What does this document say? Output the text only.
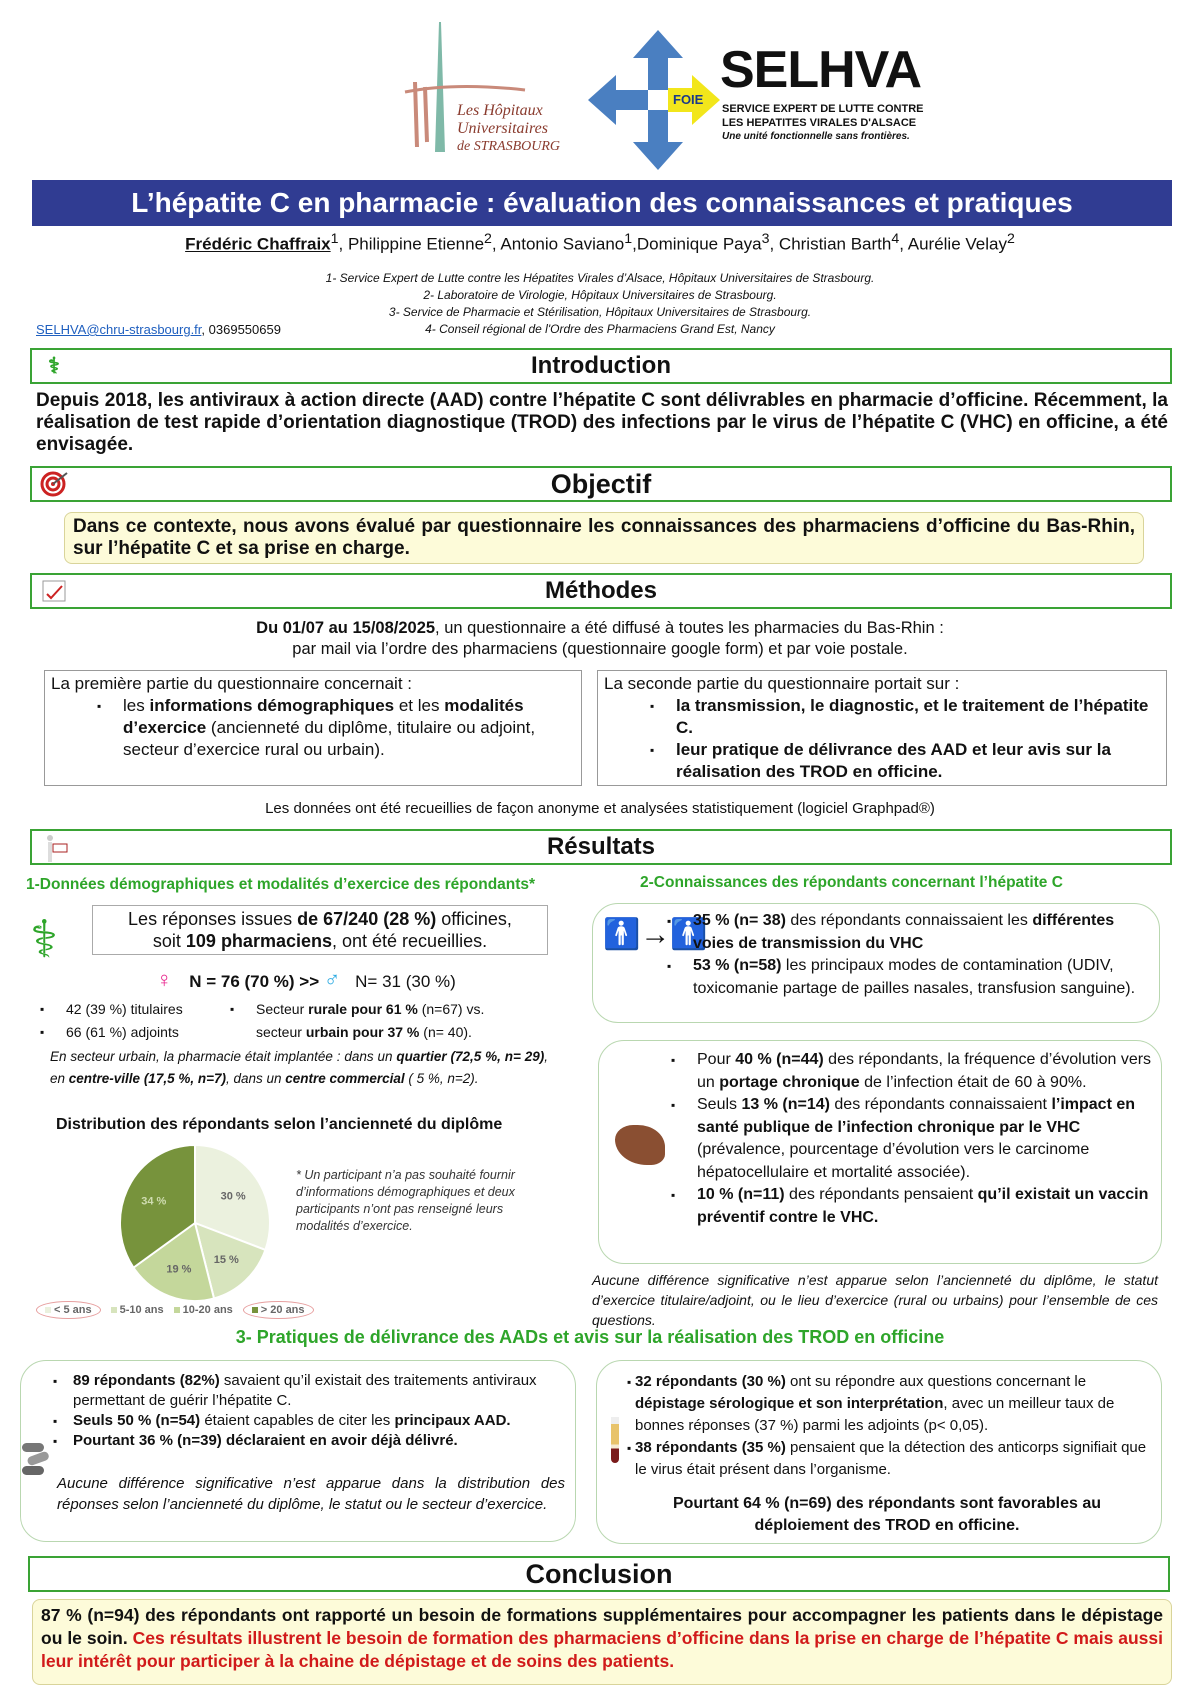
Les Hôpitaux
Universitaires
de STRASBOURG
FOIE
SELHVA
SERVICE EXPERT DE LUTTE CONTRE
LES HEPATITES VIRALES D'ALSACE
Une unité fonctionnelle sans frontières.
L’hépatite C en pharmacie : évaluation des connaissances et pratiques
Frédéric Chaffraix$^1$, Philippine Etienne$^2$, Antonio Saviano$^1$,Dominique Paya$^3$, Christian Barth$^4$, Aurélie Velay$^2$
1- Service Expert de Lutte contre les Hépatites Virales d’Alsace, Hôpitaux Universitaires de Strasbourg.
2- Laboratoire de Virologie, Hôpitaux Universitaires de Strasbourg.
3- Service de Pharmacie et Stérilisation, Hôpitaux Universitaires de Strasbourg.
4- Conseil régional de l'Ordre des Pharmaciens Grand Est, Nancy
SELHVA@chru-strasbourg.fr, 0369550659
⚕	Introduction
Depuis 2018, les antiviraux à action directe (AAD) contre l’hépatite C sont délivrables en pharmacie d’officine. Récemment, la réalisation de test rapide d’orientation diagnostique (TROD) des infections par le virus de l’hépatite C (VHC) en officine, a été envisagée.
Objectif
Dans ce contexte, nous avons évalué par questionnaire les connaissances des pharmaciens d’officine du Bas-Rhin, sur l’hépatite C et sa prise en charge.
Méthodes
Du 01/07 au 15/08/2025, un questionnaire a été diffusé à toutes les pharmacies du Bas-Rhin :
par mail via l’ordre des pharmaciens (questionnaire google form) et par voie postale.
La première partie du questionnaire concernait :
▪ les informations démographiques et les modalités d’exercice (ancienneté du diplôme, titulaire ou adjoint, secteur d’exercice rural ou urbain).
La seconde partie du questionnaire portait sur :
▪ la transmission, le diagnostic, et le traitement de l’hépatite C.
▪ leur pratique de délivrance des AAD et leur avis sur la réalisation des TROD en officine.
Les données ont été recueillies de façon anonyme et analysées statistiquement (logiciel Graphpad®)
Résultats
1-Données démographiques et modalités d’exercice des répondants*	2-Connaissances des répondants concernant l’hépatite C
⚕	Les réponses issues de 67/240 (28 %) officines,
soit 109 pharmaciens, ont été recueillies.
♀ N = 76 (70 %) >> ♂ N= 31 (30 %)
▪ 42 (39 %) titulaires
▪ 66 (61 %) adjoints
▪ Secteur rurale pour 61 % (n=67) vs.
secteur urbain pour 37 % (n= 40).
En secteur urbain, la pharmacie était implantée : dans un quartier (72,5 %, n= 29), en centre-ville (17,5 %, n=7), dans un centre commercial ( 5 %, n=2).
Distribution des répondants selon l’ancienneté du diplôme
30 %
15 %
19 %
34 %
< 5 ans	5-10 ans	10-20 ans	> 20 ans
* Un participant n’a pas souhaité fournir d’informations démographiques et deux participants n’ont pas renseigné leurs modalités d’exercice.
🚹→🚹
▪ 35 % (n= 38) des répondants connaissaient les différentes voies de transmission du VHC
▪ 53 % (n=58) les principaux modes de contamination (UDIV, toxicomanie partage de pailles nasales, transfusion sanguine).
▪ Pour 40 % (n=44) des répondants, la fréquence d’évolution vers un portage chronique de l’infection était de 60 à 90%.
▪ Seuls 13 % (n=14) des répondants connaissaient l’impact en santé publique de l’infection chronique par le VHC (prévalence, pourcentage d’évolution vers le carcinome hépatocellulaire et mortalité associée).
▪ 10 % (n=11) des répondants pensaient qu’il existait un vaccin préventif contre le VHC.
Aucune différence significative n’est apparue selon l’ancienneté du diplôme, le statut d’exercice titulaire/adjoint, ou le lieu d’exercice (rural ou urbains) pour l’ensemble de ces questions.
3- Pratiques de délivrance des AADs et avis sur la réalisation des TROD en officine
▪ 89 répondants (82%) savaient qu’il existait des traitements antiviraux permettant de guérir l’hépatite C.
▪ Seuls 50 % (n=54) étaient capables de citer les principaux AAD.
▪ Pourtant 36 % (n=39) déclaraient en avoir déjà délivré.
Aucune différence significative n’est apparue dans la distribution des réponses selon l’ancienneté du diplôme, le statut ou le secteur d’exercice.
▪ 32 répondants (30 %) ont su répondre aux questions concernant le dépistage sérologique et son interprétation, avec un meilleur taux de bonnes réponses (37 %) parmi les adjoints (p< 0,05).
▪ 38 répondants (35 %) pensaient que la détection des anticorps signifiait que le virus était présent dans l’organisme.
Pourtant 64 % (n=69) des répondants sont favorables au déploiement des TROD en officine.
Conclusion
87 % (n=94) des répondants ont rapporté un besoin de formations supplémentaires pour accompagner les patients dans le dépistage ou le soin. Ces résultats illustrent le besoin de formation des pharmaciens d’officine dans la prise en charge de l’hépatite C mais aussi leur intérêt pour participer à la chaine de dépistage et de soins des patients.
